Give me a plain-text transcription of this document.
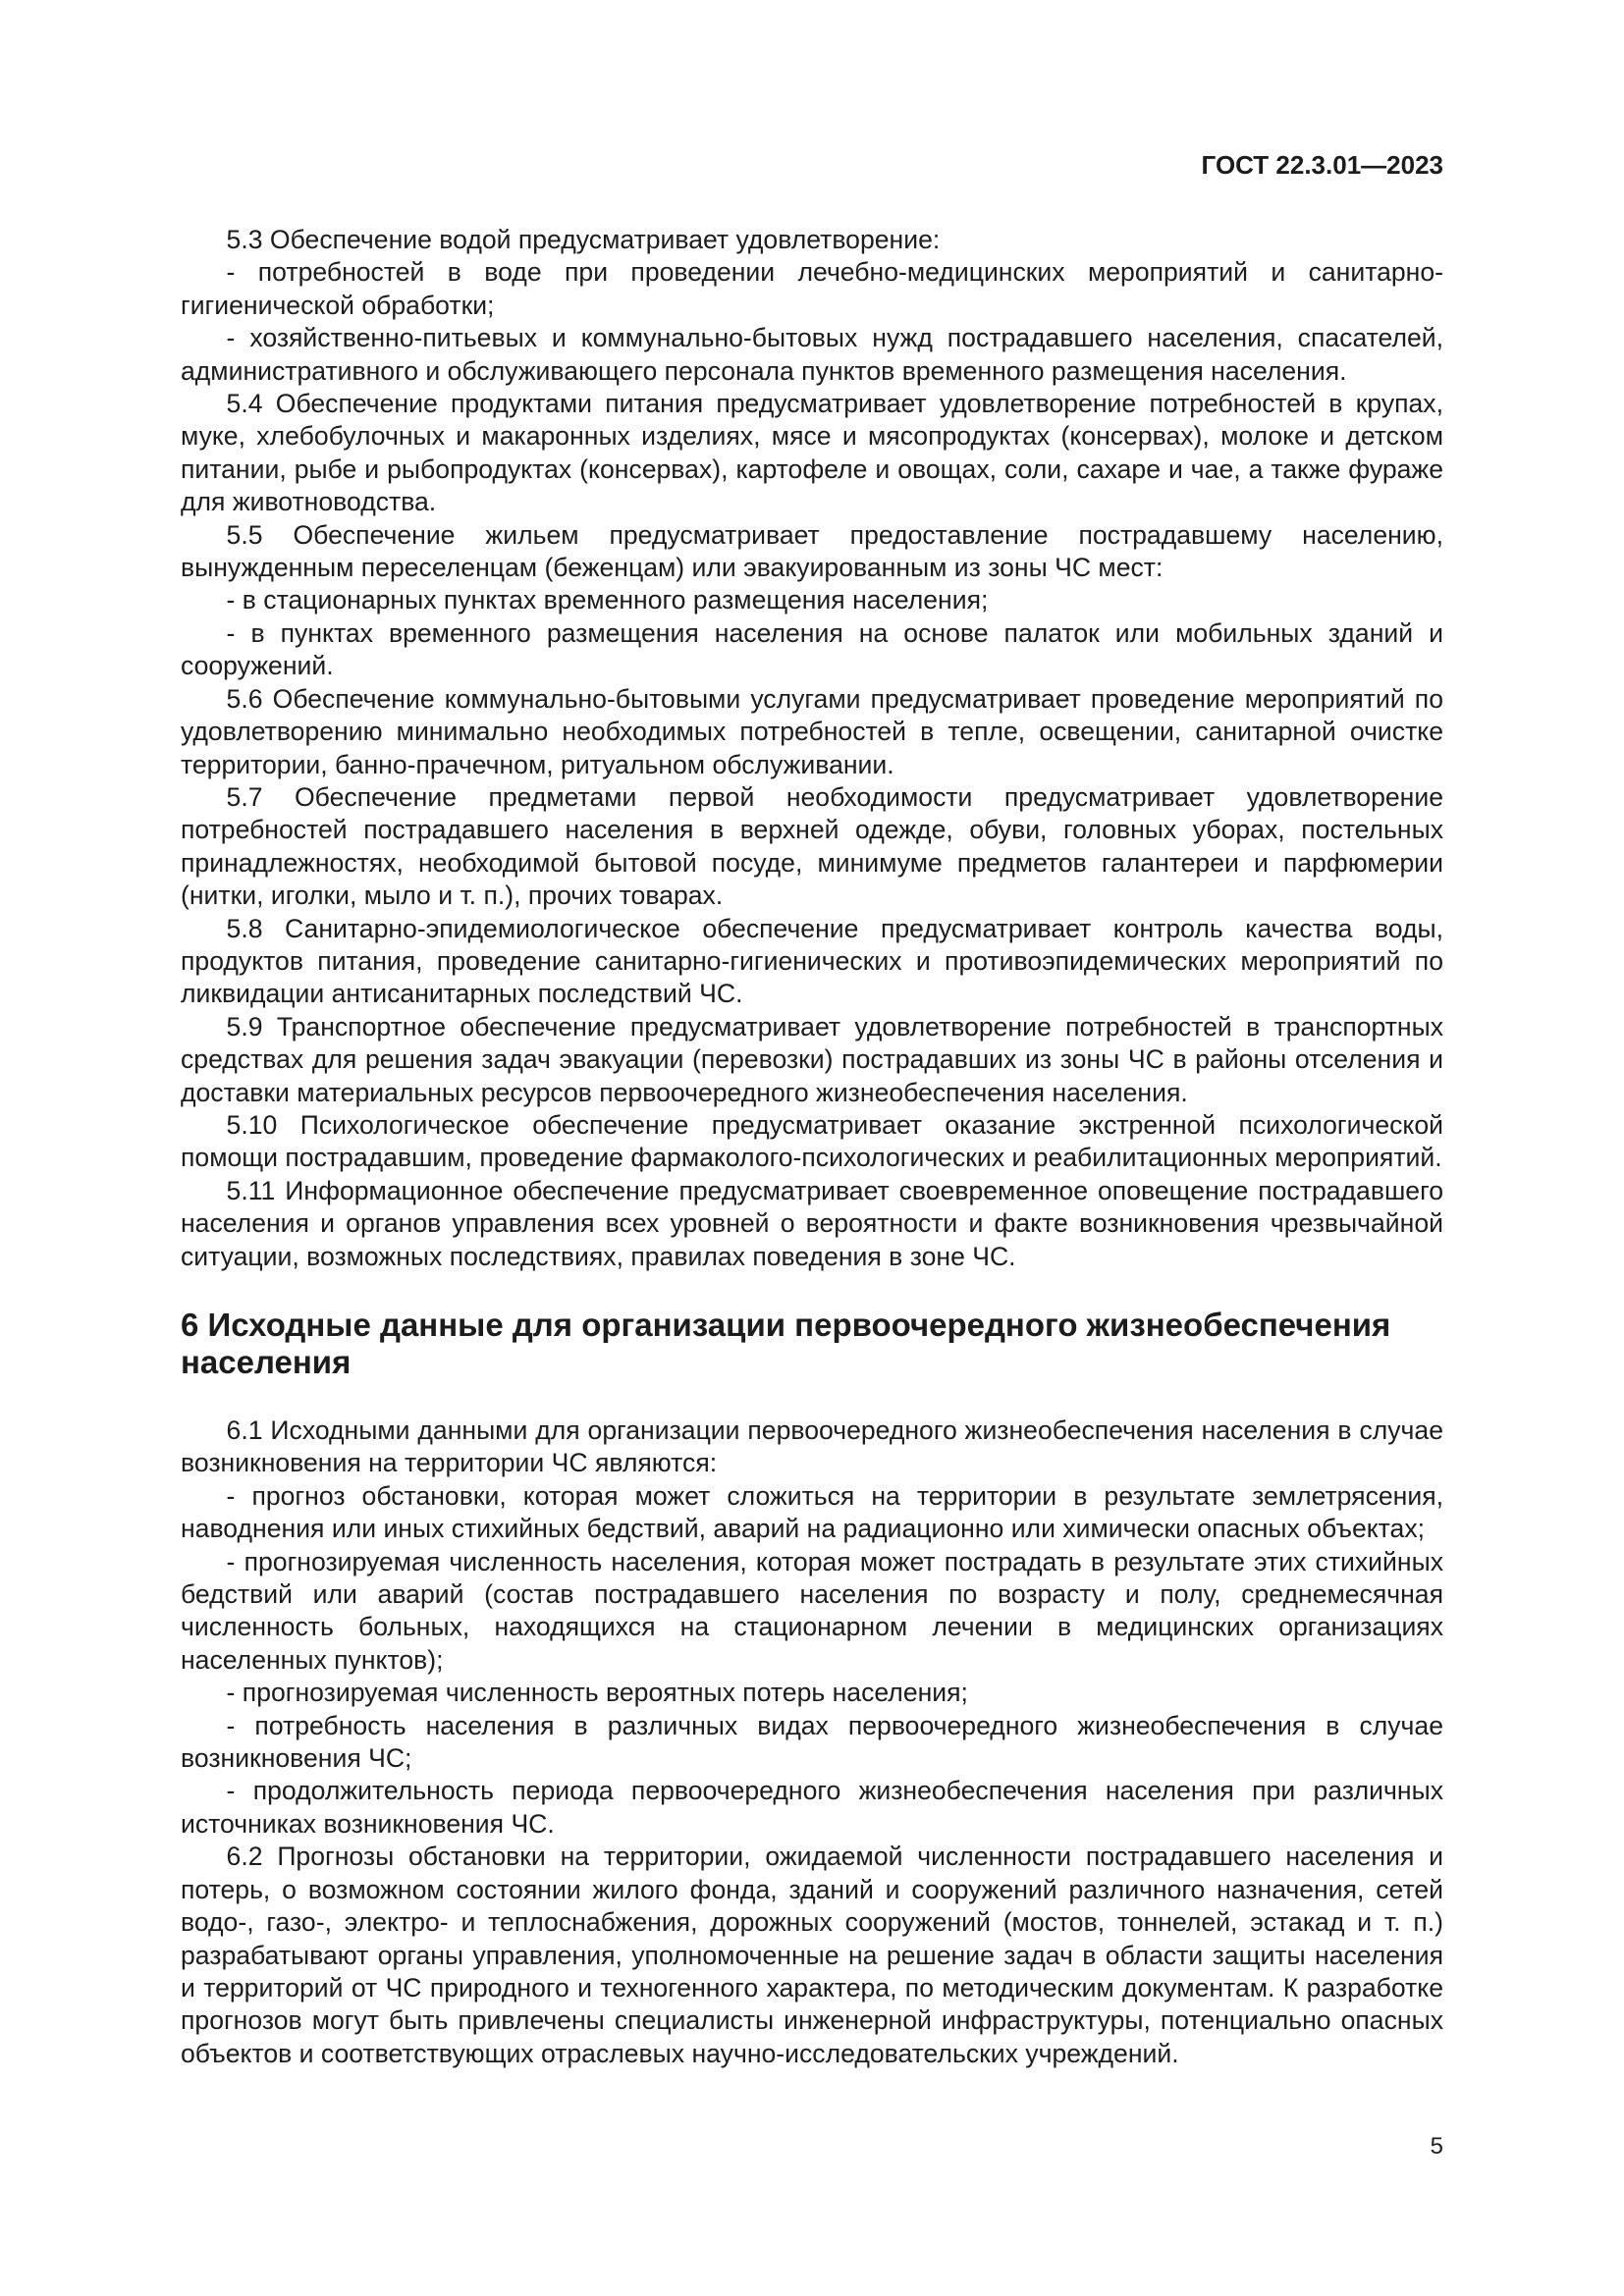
ГОСТ 22.3.01—2023

5.3 Обеспечение водой предусматривает удовлетворение:

- потребностей в воде при проведении лечебно-медицинских мероприятий и санитарно-гигиенической обработки;

- хозяйственно-питьевых и коммунально-бытовых нужд пострадавшего населения, спасателей, административного и обслуживающего персонала пунктов временного размещения населения.

5.4 Обеспечение продуктами питания предусматривает удовлетворение потребностей в крупах, муке, хлебобулочных и макаронных изделиях, мясе и мясопродуктах (консервах), молоке и детском питании, рыбе и рыбопродуктах (консервах), картофеле и овощах, соли, сахаре и чае, а также фураже для животноводства.

5.5 Обеспечение жильем предусматривает предоставление пострадавшему населению, вынужденным переселенцам (беженцам) или эвакуированным из зоны ЧС мест:

- в стационарных пунктах временного размещения населения;

- в пунктах временного размещения населения на основе палаток или мобильных зданий и сооружений.

5.6 Обеспечение коммунально-бытовыми услугами предусматривает проведение мероприятий по удовлетворению минимально необходимых потребностей в тепле, освещении, санитарной очистке территории, банно-прачечном, ритуальном обслуживании.

5.7 Обеспечение предметами первой необходимости предусматривает удовлетворение потребностей пострадавшего населения в верхней одежде, обуви, головных уборах, постельных принадлежностях, необходимой бытовой посуде, минимуме предметов галантереи и парфюмерии (нитки, иголки, мыло и т. п.), прочих товарах.

5.8 Санитарно-эпидемиологическое обеспечение предусматривает контроль качества воды, продуктов питания, проведение санитарно-гигиенических и противоэпидемических мероприятий по ликвидации антисанитарных последствий ЧС.

5.9 Транспортное обеспечение предусматривает удовлетворение потребностей в транспортных средствах для решения задач эвакуации (перевозки) пострадавших из зоны ЧС в районы отселения и доставки материальных ресурсов первоочередного жизнеобеспечения населения.

5.10 Психологическое обеспечение предусматривает оказание экстренной психологической помощи пострадавшим, проведение фармаколого-психологических и реабилитационных мероприятий.

5.11 Информационное обеспечение предусматривает своевременное оповещение пострадавшего населения и органов управления всех уровней о вероятности и факте возникновения чрезвычайной ситуации, возможных последствиях, правилах поведения в зоне ЧС.

6 Исходные данные для организации первоочередного жизнеобеспечения населения

6.1 Исходными данными для организации первоочередного жизнеобеспечения населения в случае возникновения на территории ЧС являются:

- прогноз обстановки, которая может сложиться на территории в результате землетрясения, наводнения или иных стихийных бедствий, аварий на радиационно или химически опасных объектах;

- прогнозируемая численность населения, которая может пострадать в результате этих стихийных бедствий или аварий (состав пострадавшего населения по возрасту и полу, среднемесячная численность больных, находящихся на стационарном лечении в медицинских организациях населенных пунктов);

- прогнозируемая численность вероятных потерь населения;

- потребность населения в различных видах первоочередного жизнеобеспечения в случае возникновения ЧС;

- продолжительность периода первоочередного жизнеобеспечения населения при различных источниках возникновения ЧС.

6.2 Прогнозы обстановки на территории, ожидаемой численности пострадавшего населения и потерь, о возможном состоянии жилого фонда, зданий и сооружений различного назначения, сетей водо-, газо-, электро- и теплоснабжения, дорожных сооружений (мостов, тоннелей, эстакад и т. п.) разрабатывают органы управления, уполномоченные на решение задач в области защиты населения и территорий от ЧС природного и техногенного характера, по методическим документам. К разработке прогнозов могут быть привлечены специалисты инженерной инфраструктуры, потенциально опасных объектов и соответствующих отраслевых научно-исследовательских учреждений.

5
